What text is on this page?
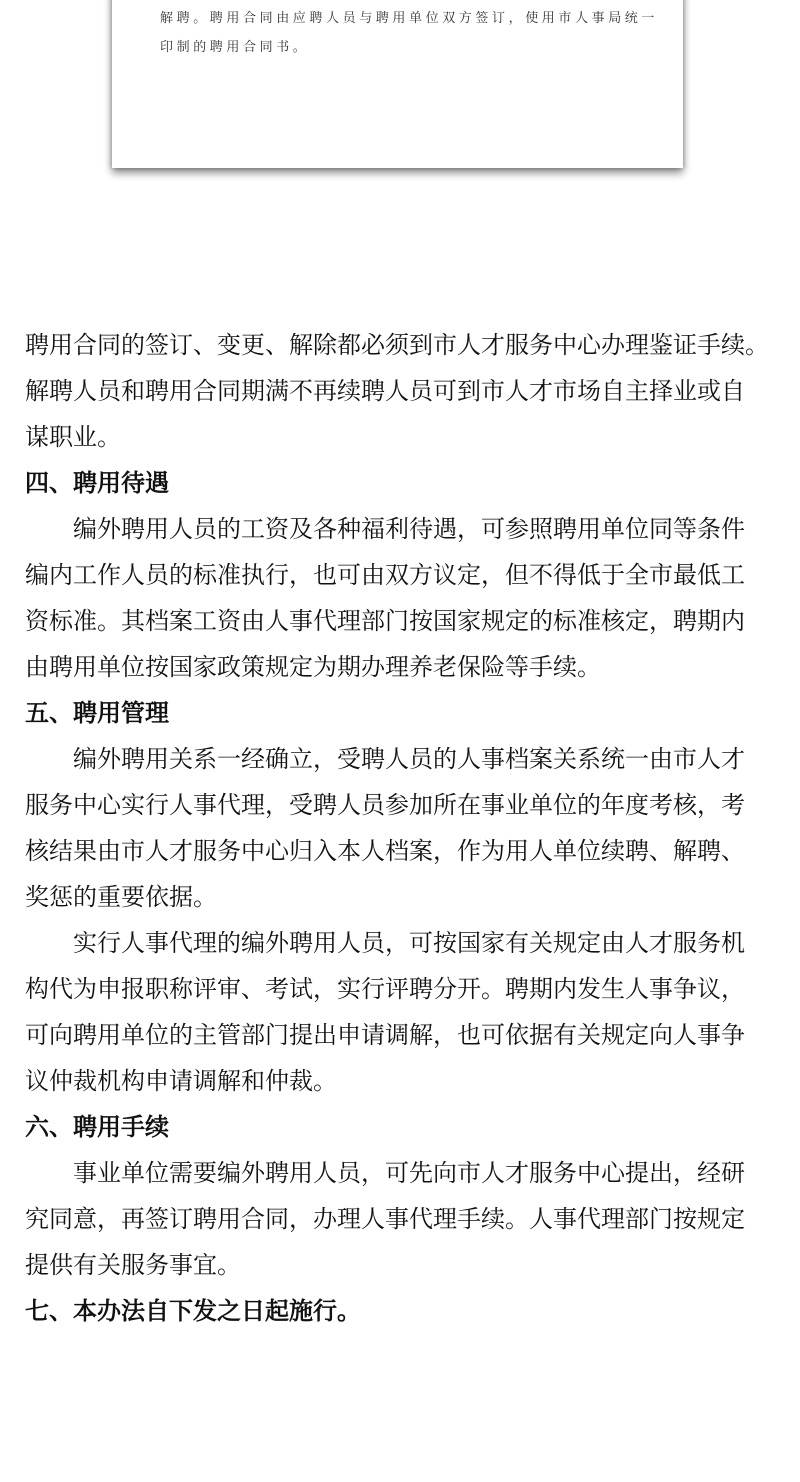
解聘。聘用合同由应聘人员与聘用单位双方签订，使用市人事局统一
印制的聘用合同书。
聘用合同的签订、变更、解除都必须到市人才服务中心办理鉴证手续。
解聘人员和聘用合同期满不再续聘人员可到市人才市场自主择业或自
谋职业。
四、聘用待遇
编外聘用人员的工资及各种福利待遇，可参照聘用单位同等条件
编内工作人员的标准执行，也可由双方议定，但不得低于全市最低工
资标准。其档案工资由人事代理部门按国家规定的标准核定，聘期内
由聘用单位按国家政策规定为期办理养老保险等手续。
五、聘用管理
编外聘用关系一经确立，受聘人员的人事档案关系统一由市人才
服务中心实行人事代理，受聘人员参加所在事业单位的年度考核，考
核结果由市人才服务中心归入本人档案，作为用人单位续聘、解聘、
奖惩的重要依据。
实行人事代理的编外聘用人员，可按国家有关规定由人才服务机
构代为申报职称评审、考试，实行评聘分开。聘期内发生人事争议，
可向聘用单位的主管部门提出申请调解，也可依据有关规定向人事争
议仲裁机构申请调解和仲裁。
六、聘用手续
事业单位需要编外聘用人员，可先向市人才服务中心提出，经研
究同意，再签订聘用合同，办理人事代理手续。人事代理部门按规定
提供有关服务事宜。
七、本办法自下发之日起施行。
